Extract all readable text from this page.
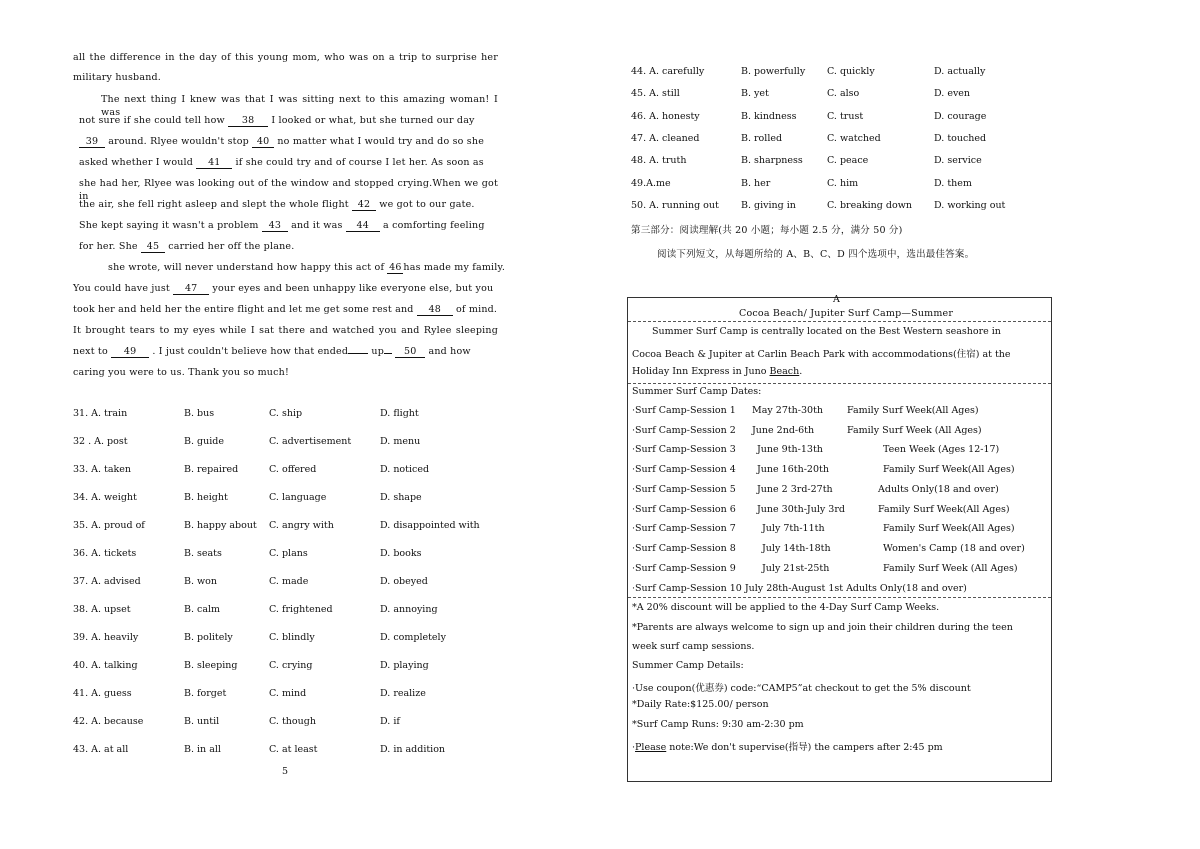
all the difference in the day of this young mom, who was on a trip to surprise her
military husband.
The next thing I knew was that I was sitting next to this amazing woman! I was
not sure if she could tell how 38 I looked or what, but she turned our day
39 around. Rlyee wouldn't stop 40 no matter what I would try and do so she
asked whether I would 41 if she could try and of course I let her. As soon as
she had her, Rlyee was looking out of the window and stopped crying.When we got in
the air, she fell right asleep and slept the whole flight 42 we got to our gate.
She kept saying it wasn't a problem 43 and it was 44 a comforting feeling
for her. She 45 carried her off the plane.
she wrote, will never understand how happy this act of 46 has made my family.
You could have just 47 your eyes and been unhappy like everyone else, but you
took her and held her the entire flight and let me get some rest and 48 of mind.
It brought tears to my eyes while I sat there and watched you and Rylee sleeping
next to 49 . I just couldn't believe how that ended up 50 and how
caring you were to us. Thank you so much!
31. A. train	B. bus	C. ship	D. flight
32 . A. post	B. guide	C. advertisement	D. menu
33. A. taken	B. repaired	C. offered	D. noticed
34. A. weight	B. height	C. language	D. shape
35. A. proud of	B. happy about C. angry with	D. disappointed with
36. A. tickets	B. seats	C. plans	D. books
37. A. advised	B. won	C. made	D. obeyed
38. A. upset	B. calm	C. frightened	D. annoying
39. A. heavily	B. politely	C. blindly	D. completely
40. A. talking	B. sleeping	C. crying	D. playing
41. A. guess	B. forget	C. mind	D. realize
42. A. because	B. until	C. though	D. if
43. A. at all	B. in all	C. at least	D. in addition
5
44. A. carefully	B. powerfully C. quickly	D. actually
45. A. still	B. yet	C. also	D. even
46. A. honesty	B. kindness	C. trust	D. courage
47. A. cleaned	B. rolled	C. watched	D. touched
48. A. truth	B. sharpness	C. peace	D. service
49.A.me	B. her	C. him	D. them
50. A. running out B. giving in	C. breaking down D. working out
第三部分：阅读理解(共 20 小题；每小题 2.5 分，满分 50 分)
阅读下列短文，从每题所给的 A、B、C、D 四个选项中，选出最佳答案。
A
Cocoa Beach/ Jupiter Surf Camp—Summer
Summer Surf Camp is centrally located on the Best Western seashore in
Cocoa Beach & Jupiter at Carlin Beach Park with accommodations(住宿) at the
Holiday Inn Express in Juno Beach.
Summer Surf Camp Dates:
·Surf Camp-Session 1 May 27th-30th	Family Surf Week(All Ages)
·Surf Camp-Session 2 June 2nd-6th	Family Surf Week (All Ages)
·Surf Camp-Session 3 June 9th-13th	Teen Week (Ages 12-17)
·Surf Camp-Session 4 June 16th-20th	Family Surf Week(All Ages)
·Surf Camp-Session 5 June 2 3rd-27th	Adults Only(18 and over)
·Surf Camp-Session 6 June 30th-July 3rd	Family Surf Week(All Ages)
·Surf Camp-Session 7	July 7th-11th	Family Surf Week(All Ages)
·Surf Camp-Session 8	July 14th-18th	Women's Camp (18 and over)
·Surf Camp-Session 9	July 21st-25th	Family Surf Week (All Ages)
·Surf Camp-Session 10 July 28th-August 1st Adults Only(18 and over)
*A 20% discount will be applied to the 4-Day Surf Camp Weeks.
*Parents are always welcome to sign up and join their children during the teen
week surf camp sessions.
Summer Camp Details:
·Use coupon(优惠券) code:“CAMP5”at checkout to get the 5% discount
*Daily Rate:$125.00/ person
*Surf Camp Runs: 9:30 am-2:30 pm
·Please note:We don't supervise(指导) the campers after 2:45 pm
